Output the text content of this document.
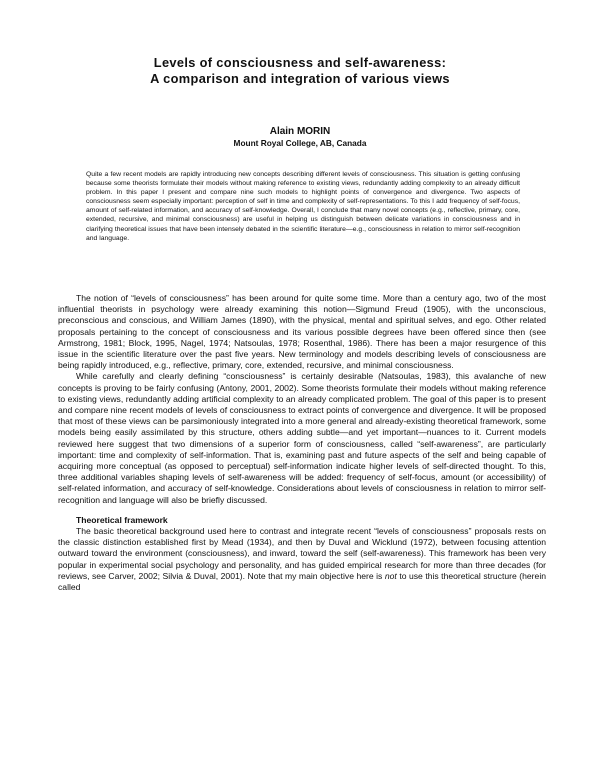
Levels of consciousness and self-awareness:
A comparison and integration of various views
Alain MORIN
Mount Royal College, AB, Canada

Quite a few recent models are rapidly introducing new concepts describing different levels of consciousness. This situation is getting confusing because some theorists formulate their models without making reference to existing views, redundantly adding complexity to an already difficult problem. In this paper I present and compare nine such models to highlight points of convergence and divergence. Two aspects of consciousness seem especially important: perception of self in time and complexity of self-representations. To this I add frequency of self-focus, amount of self-related information, and accuracy of self-knowledge. Overall, I conclude that many novel concepts (e.g., reflective, primary, core, extended, recursive, and minimal consciousness) are useful in helping us distinguish between delicate variations in consciousness and in clarifying theoretical issues that have been intensely debated in the scientific literature—e.g., consciousness in relation to mirror self-recognition and language.

The notion of “levels of consciousness” has been around for quite some time. More than a century ago, two of the most influential theorists in psychology were already examining this notion—Sigmund Freud (1905), with the unconscious, preconscious and conscious, and William James (1890), with the physical, mental and spiritual selves, and ego. Other related proposals pertaining to the concept of consciousness and its various possible degrees have been offered since then (see Armstrong, 1981; Block, 1995, Nagel, 1974; Natsoulas, 1978; Rosenthal, 1986). There has been a major resurgence of this issue in the scientific literature over the past five years. New terminology and models describing levels of consciousness are being rapidly introduced, e.g., reflective, primary, core, extended, recursive, and minimal consciousness.

While carefully and clearly defining “consciousness” is certainly desirable (Natsoulas, 1983), this avalanche of new concepts is proving to be fairly confusing (Antony, 2001, 2002). Some theorists formulate their models without making reference to existing views, redundantly adding artificial complexity to an already complicated problem. The goal of this paper is to present and compare nine recent models of levels of consciousness to extract points of convergence and divergence. It will be proposed that most of these views can be parsimoniously integrated into a more general and already-existing theoretical framework, some models being easily assimilated by this structure, others adding subtle—and yet important—nuances to it. Current models reviewed here suggest that two dimensions of a superior form of consciousness, called “self-awareness”, are particularly important: time and complexity of self-information. That is, examining past and future aspects of the self and being capable of acquiring more conceptual (as opposed to perceptual) self-information indicate higher levels of self-directed thought. To this, three additional variables shaping levels of self-awareness will be added: frequency of self-focus, amount (or accessibility) of self-related information, and accuracy of self-knowledge. Considerations about levels of consciousness in relation to mirror self-recognition and language will also be briefly discussed.

Theoretical framework

The basic theoretical background used here to contrast and integrate recent “levels of consciousness” proposals rests on the classic distinction established first by Mead (1934), and then by Duval and Wicklund (1972), between focusing attention outward toward the environment (consciousness), and inward, toward the self (self-awareness). This framework has been very popular in experimental social psychology and personality, and has guided empirical research for more than three decades (for reviews, see Carver, 2002; Silvia & Duval, 2001). Note that my main objective here is not to use this theoretical structure (herein called
